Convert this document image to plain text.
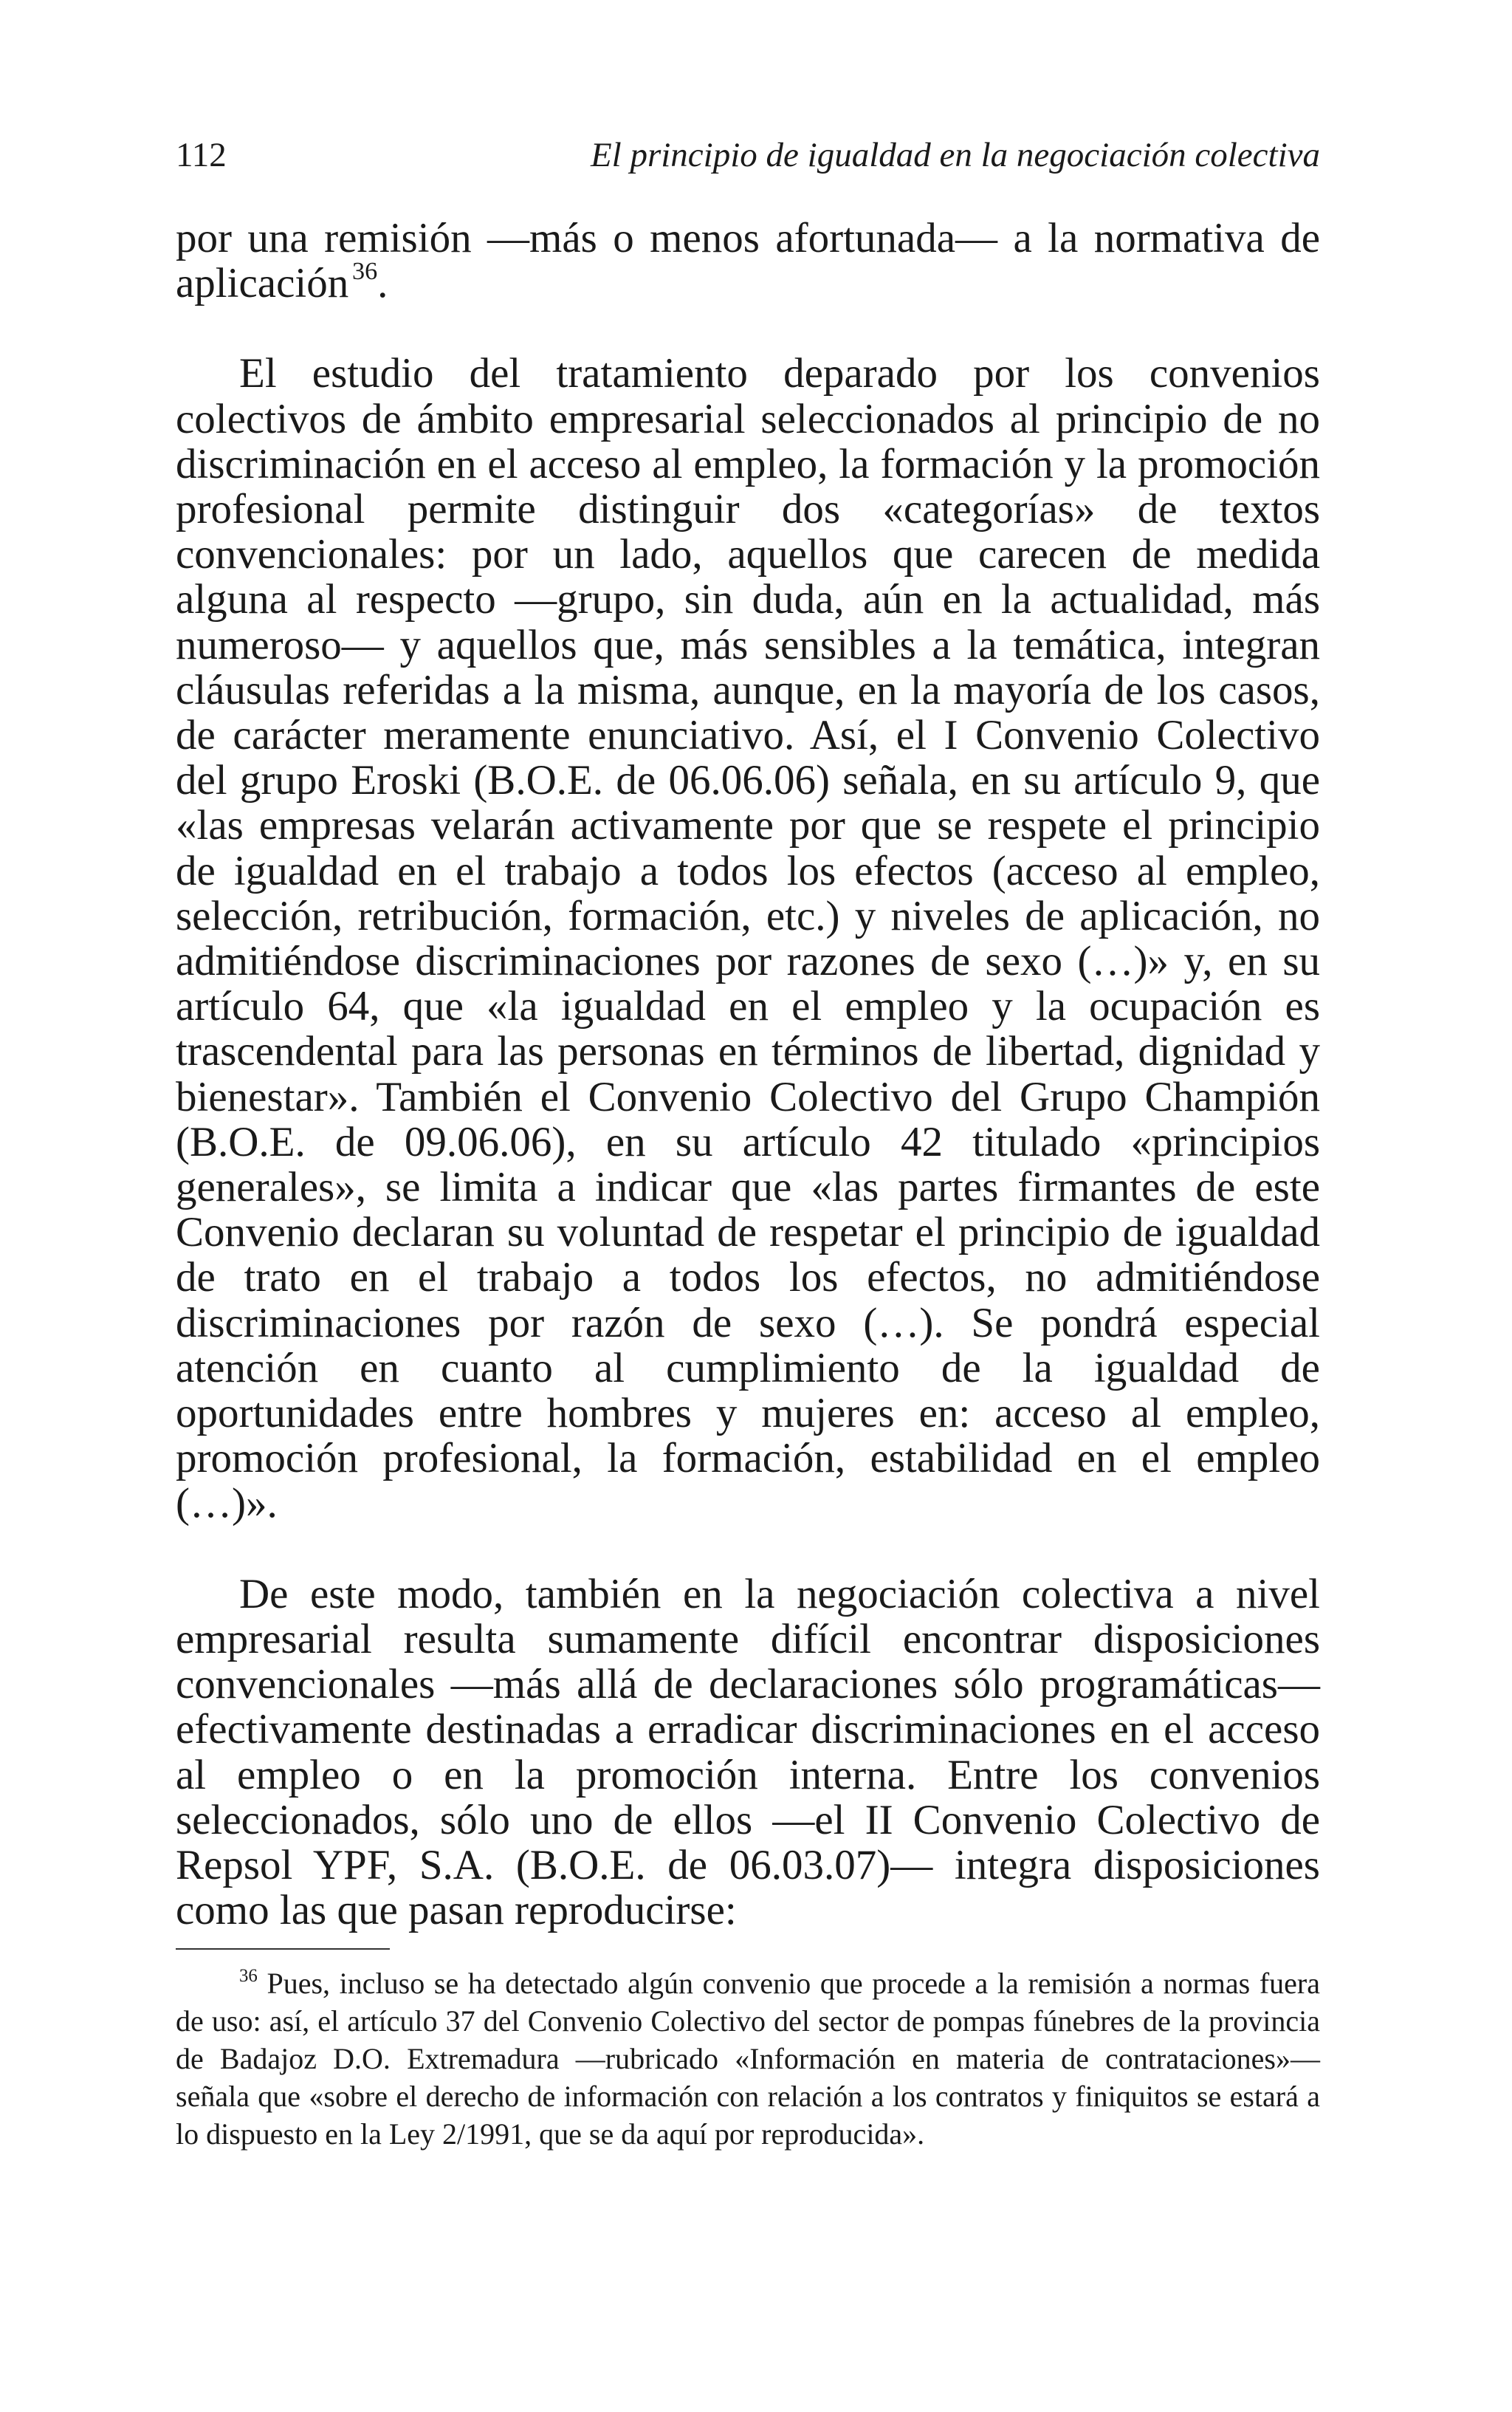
112	El principio de igualdad en la negociación colectiva

por una remisión —más o menos afortunada— a la normativa de aplicación  $^{36}$.

El estudio del tratamiento deparado por los convenios colectivos de ámbito empresarial seleccionados al principio de no discriminación en el acceso al empleo, la formación y la promoción profesional permite distinguir dos «categorías» de textos convencionales: por un lado, aquellos que carecen de medida alguna al respecto —grupo, sin duda, aún en la actualidad, más numeroso— y aquellos que, más sensibles a la temática, integran cláusulas referidas a la misma, aunque, en la mayoría de los casos, de carácter meramente enunciativo. Así, el I Convenio Colectivo del grupo Eroski (B.O.E. de 06.06.06) señala, en su artículo 9, que «las empresas velarán activamente por que se respete el principio de igualdad en el trabajo a todos los efectos (acceso al empleo, selección, retribución, formación, etc.) y niveles de aplicación, no admitiéndose discriminaciones por razones de sexo (…)» y, en su artículo 64, que «la igualdad en el empleo y la ocupación es trascendental para las personas en términos de libertad, dignidad y bienestar». También el Convenio Colectivo del Grupo Champión (B.O.E. de 09.06.06), en su artículo 42 titulado «principios generales», se limita a indicar que «las partes firmantes de este Convenio declaran su voluntad de respetar el principio de igualdad de trato en el trabajo a todos los efectos, no admitiéndose discriminaciones por razón de sexo (…). Se pondrá especial atención en cuanto al cumplimiento de la igualdad de oportunidades entre hombres y mujeres en: acceso al empleo, promoción profesional, la formación, estabilidad en el empleo (…)».

De este modo, también en la negociación colectiva a nivel empresarial resulta sumamente difícil encontrar disposiciones convencionales —más allá de declaraciones sólo programáticas— efectivamente destinadas a erradicar discriminaciones en el acceso al empleo o en la promoción interna. Entre los convenios seleccionados, sólo uno de ellos —el II Convenio Colectivo de Repsol YPF, S.A. (B.O.E. de 06.03.07)— integra disposiciones como las que pasan reproducirse:

$^{36}$ Pues, incluso se ha detectado algún convenio que procede a la remisión a normas fuera de uso: así, el artículo 37 del Convenio Colectivo del sector de pompas fúnebres de la provincia de Badajoz D.O. Extremadura —rubricado «Información en materia de contrataciones»— señala que «sobre el derecho de información con relación a los contratos y finiquitos se estará a lo dispuesto en la Ley 2/1991, que se da aquí por reproducida».
